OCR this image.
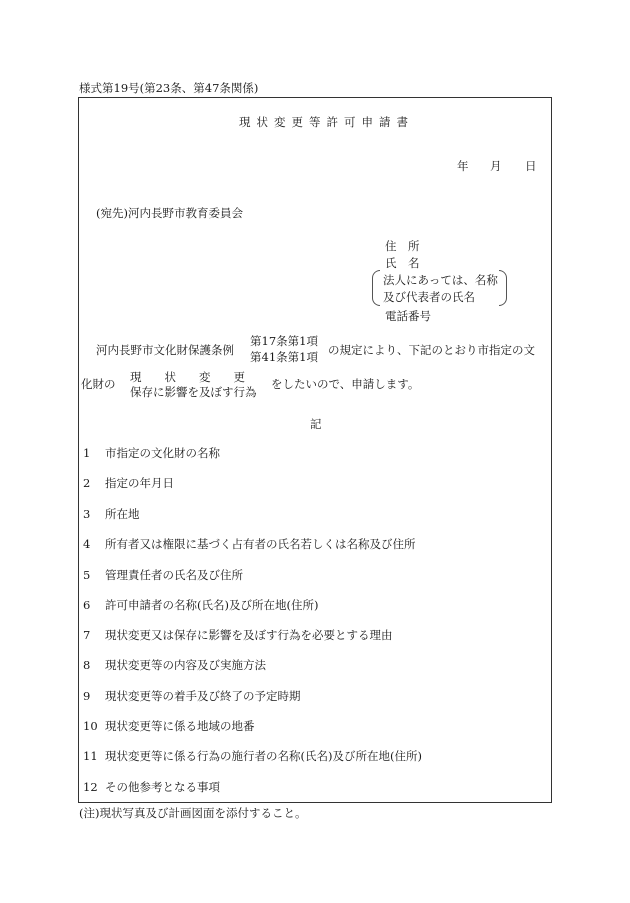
様式第19号(第23条、第47条関係)
現状変更等許可申請書
年 月 日
(宛先)河内長野市教育委員会
住　所
氏　名
法人にあっては、名称
及び代表者の氏名
電話番号
河内長野市文化財保護条例
第17条第1項
第41条第1項 の規定により、下記のとおり市指定の文
化財の 現　　状　　変　　更
保存に影響を及ぼす行為
をしたいので、申請します。
記
1 市指定の文化財の名称
2 指定の年月日
3 所在地
4 所有者又は権限に基づく占有者の氏名若しくは名称及び住所
5 管理責任者の氏名及び住所
6 許可申請者の名称(氏名)及び所在地(住所)
7 現状変更又は保存に影響を及ぼす行為を必要とする理由
8 現状変更等の内容及び実施方法
9 現状変更等の着手及び終了の予定時期
10 現状変更等に係る地域の地番
11 現状変更等に係る行為の施行者の名称(氏名)及び所在地(住所)
12 その他参考となる事項
(注)現状写真及び計画図面を添付すること。
